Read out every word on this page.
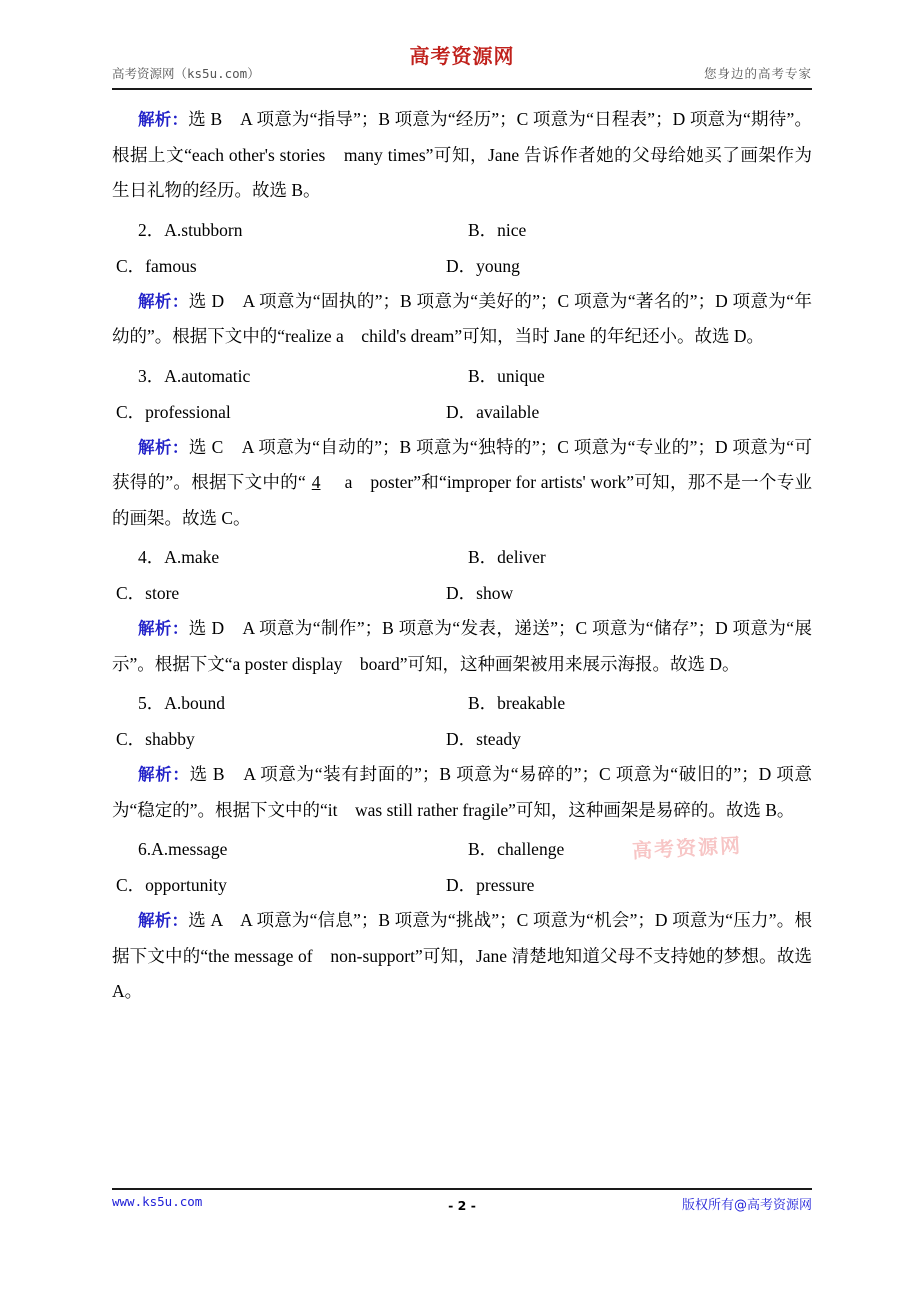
高考资源网
高考资源网（ks5u.com）	您身边的高考专家

解析：选 B　A 项意为“指导”；B 项意为“经历”；C 项意为“日程表”；D 项意为“期待”。根据上文“each other's stories　many times”可知，Jane 告诉作者她的父母给她买了画架作为生日礼物的经历。故选 B。

2．A.stubborn	B．nice
C．famous	D．young

解析：选 D　A 项意为“固执的”；B 项意为“美好的”；C 项意为“著名的”；D 项意为“年幼的”。根据下文中的“realize a　child's dream”可知，当时 Jane 的年纪还小。故选 D。

3．A.automatic	B．unique
C．professional	D．available

解析：选 C　A 项意为“自动的”；B 项意为“独特的”；C 项意为“专业的”；D 项意为“可获得的”。根据下文中的“ 4　a　poster”和“improper for artists' work”可知，那不是一个专业的画架。故选 C。

4．A.make	B．deliver
C．store	D．show

解析：选 D　A 项意为“制作”；B 项意为“发表，递送”；C 项意为“储存”；D 项意为“展示”。根据下文“a poster display　board”可知，这种画架被用来展示海报。故选 D。

5．A.bound	B．breakable
C．shabby	D．steady

解析：选 B　A 项意为“装有封面的”；B 项意为“易碎的”；C 项意为“破旧的”；D 项意为“稳定的”。根据下文中的“it　was still rather fragile”可知，这种画架是易碎的。故选 B。

6.A.message	B．challenge
C．opportunity	D．pressure

解析：选 A　A 项意为“信息”；B 项意为“挑战”；C 项意为“机会”；D 项意为“压力”。根据下文中的“the message of　non-support”可知，Jane 清楚地知道父母不支持她的梦想。故选 A。

高考资源网
www.ks5u.com	- 2 -	版权所有@高考资源网
